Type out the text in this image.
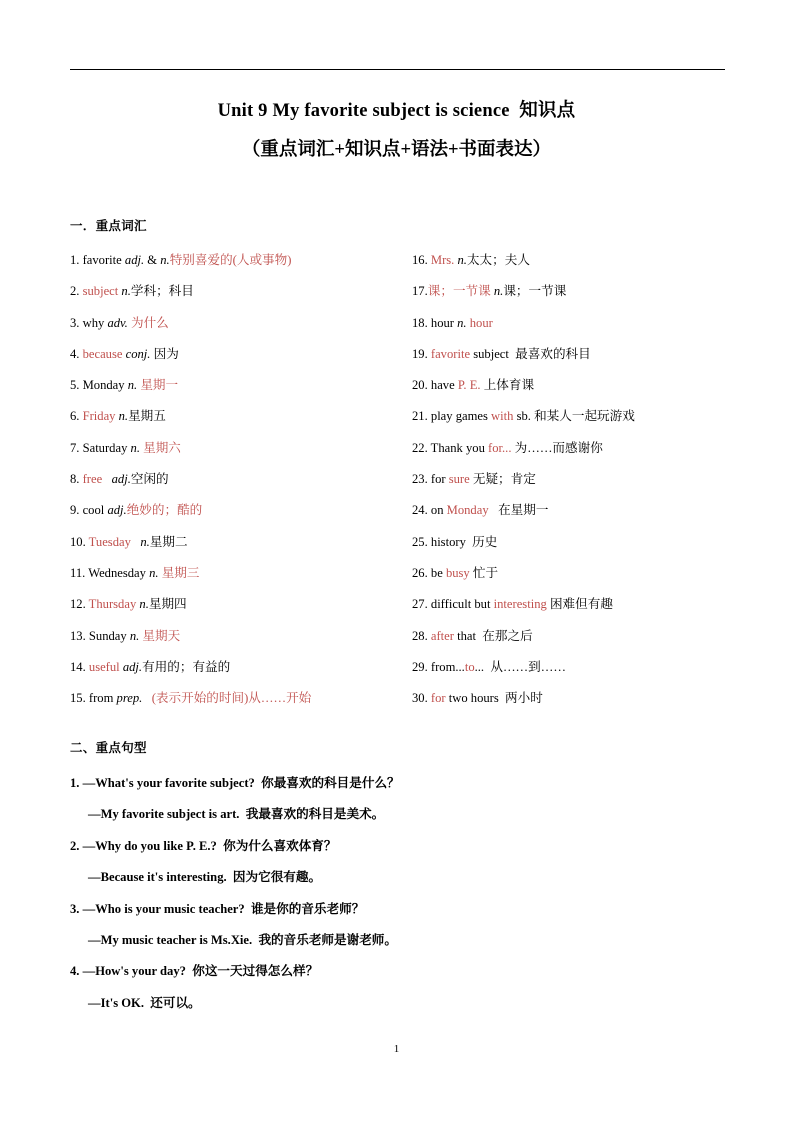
Unit 9 My favorite subject is science  知识点
（重点词汇+知识点+语法+书面表达）
一．重点词汇
1. favorite adj. & n.特别喜爱的(人或事物)
2. subject n.学科；科目
3. why adv. 为什么
4. because conj. 因为
5. Monday n. 星期一
6. Friday n.星期五
7. Saturday n. 星期六
8. free   adj.空闲的
9. cool adj.绝妙的；酷的
10. Tuesday   n.星期二
11. Wednesday n. 星期三
12. Thursday n.星期四
13. Sunday n. 星期天
14. useful adj.有用的；有益的
15. from prep.   (表示开始的时间)从……开始
16. Mrs. n.太太；夫人
17.课；一节课 n.课；一节课
18. hour n. hour
19. favorite subject  最喜欢的科目
20. have P. E. 上体育课
21. play games with sb. 和某人一起玩游戏
22. Thank you for... 为……而感谢你
23. for sure 无疑；肯定
24. on Monday   在星期一
25. history  历史
26. be busy 忙于
27. difficult but interesting 困难但有趣
28. after that  在那之后
29. from...to...  从……到……
30. for two hours  两小时
二、重点句型
1. —What's your favorite subject?  你最喜欢的科目是什么？
—My favorite subject is art.  我最喜欢的科目是美术。
2. —Why do you like P. E.?  你为什么喜欢体育？
—Because it's interesting.  因为它很有趣。
3. —Who is your music teacher?  谁是你的音乐老师？
—My music teacher is Ms.Xie.  我的音乐老师是谢老师。
4. —How's your day?  你这一天过得怎么样？
—It's OK.  还可以。
1
